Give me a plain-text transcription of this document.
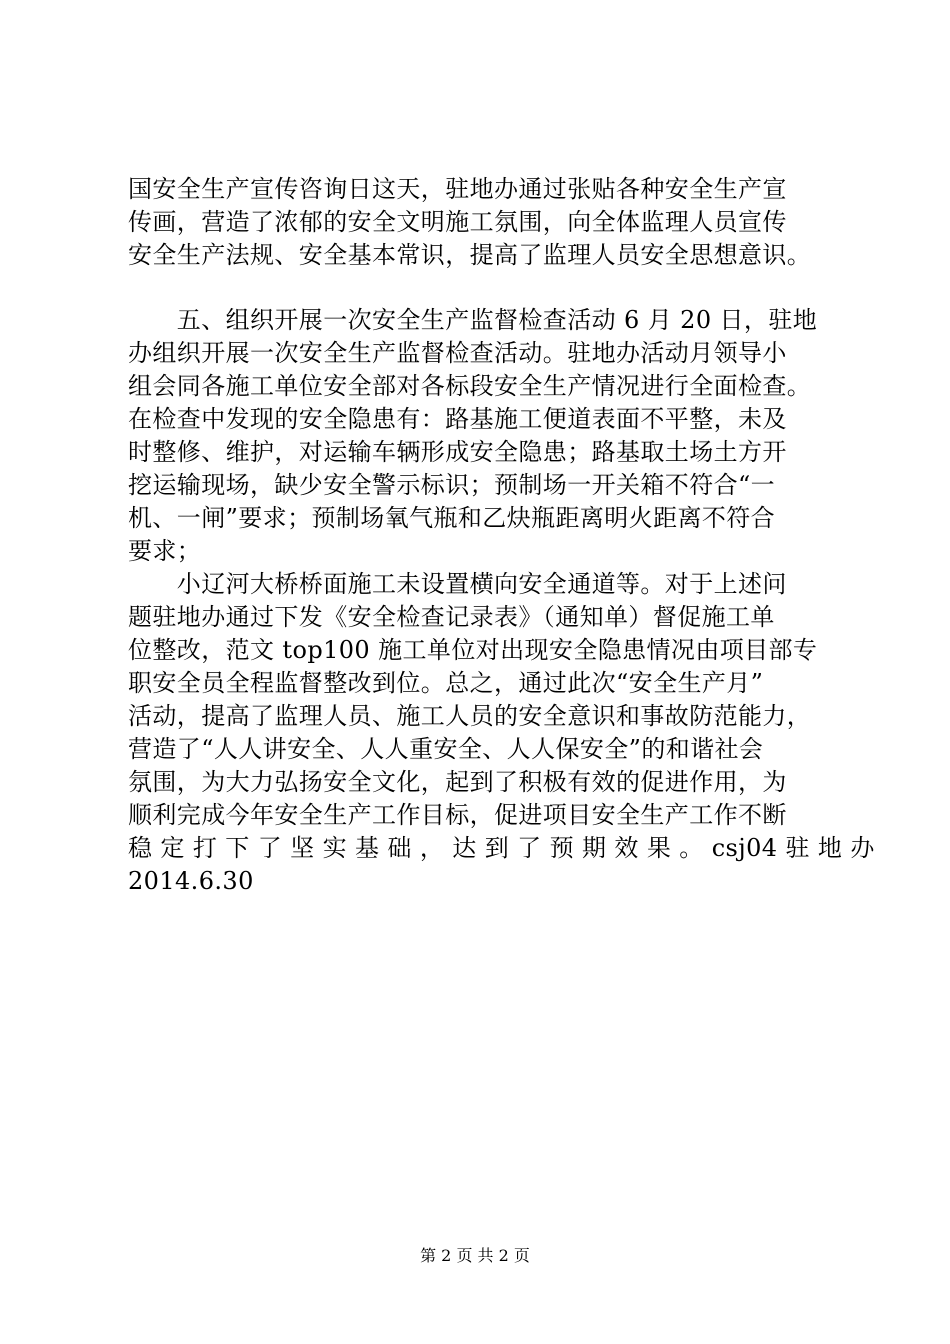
国安全生产宣传咨询日这天，驻地办通过张贴各种安全生产宣
传画，营造了浓郁的安全文明施工氛围，向全体监理人员宣传
安全生产法规、安全基本常识，提高了监理人员安全思想意识。
　　五、组织开展一次安全生产监督检查活动 6 月 20 日，驻地
办组织开展一次安全生产监督检查活动。驻地办活动月领导小
组会同各施工单位安全部对各标段安全生产情况进行全面检查。
在检查中发现的安全隐患有：路基施工便道表面不平整，未及
时整修、维护，对运输车辆形成安全隐患；路基取土场土方开
挖运输现场，缺少安全警示标识；预制场一开关箱不符合“一
机、一闸”要求；预制场氧气瓶和乙炔瓶距离明火距离不符合
要求；
　　小辽河大桥桥面施工未设置横向安全通道等。对于上述问
题驻地办通过下发《安全检查记录表》（通知单）督促施工单
位整改，范文 top100 施工单位对出现安全隐患情况由项目部专
职安全员全程监督整改到位。总之，通过此次“安全生产月”
活动，提高了监理人员、施工人员的安全意识和事故防范能力，
营造了“人人讲安全、人人重安全、人人保安全”的和谐社会
氛围，为大力弘扬安全文化，起到了积极有效的促进作用，为
顺利完成今年安全生产工作目标，促进项目安全生产工作不断
稳 定 打 下 了 坚 实 基 础 ， 达 到 了 预 期 效 果 。 csj04 驻 地 办
2014.6.30
第 2 页 共 2 页
